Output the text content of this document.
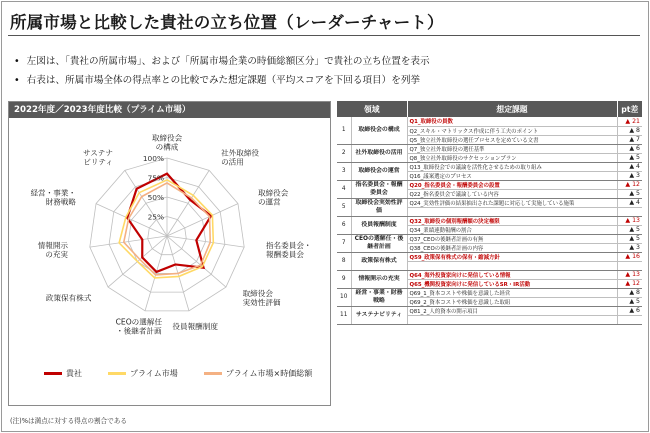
所属市場と比較した貴社の立ち位置（レーダーチャート）
• 左図は、「貴社の所属市場」、および「所属市場企業の時価総額区分」で貴社の立ち位置を表示
• 右表は、所属市場全体の得点率との比較でみた想定課題（平均スコアを下回る項目）を列挙
2022年度／2023年度比較（プライム市場）
25%
50%
75%
100%
取締役会の構成
社外取締役の活用
取締役会の運営
指名委員会・報酬委員会
取締役会実効性評価
役員報酬制度
CEOの選解任・後継者計画
政策保有株式
情報開示の充実
経営・事業・財務戦略
サステナビリティ
貴社	プライム市場	プライム市場×時価総額
(注)%は満点に対する得点の割合である
領域		想定課題	pt差
1	取締役会の構成	Q1_取締役の員数	▲ 21
		Q2_スキル・マトリックス作成に伴う工夫のポイント	▲ 8
		Q5_独立社外取締役の選任プロセスを定めている文書	▲ 7
2	社外取締役の活用	Q7_独立社外取締役の選任基準	▲ 6
		Q8_独立社外取締役のサクセッションプラン	▲ 5
3	取締役会の運営	Q13_取締役会での議論を活性化させるための取り組み	▲ 4
		Q16_議案選定のプロセス	▲ 3
4	指名委員会・報酬委員会	Q20_指名委員会・報酬委員会の設置	▲ 12
		Q22_指名委員会で議論している内容	▲ 5
5	取締役会実効性評価	Q24_実効性評価の結果抽出された課題に対応して実施している施策	▲ 4

6	役員報酬制度	Q32_取締役の個別報酬額の決定権限	▲ 13
		Q34_業績連動報酬の割合	▲ 5
7	CEOの選解任・後継者計画	Q37_CEOの後継者計画の有無	▲ 5
		Q38_CEOの後継者計画の内容	▲ 3
8	政策保有株式	Q59_政策保有株式の保有・縮減方針	▲ 16

9	情報開示の充実	Q64_海外投資家向けに発信している情報	▲ 13
		Q65_機関投資家向けに発信しているSR・IR活動	▲ 12
10	経営・事業・財務戦略	Q69_1_資本コストや株価を意識した経営	▲ 8
		Q69_2_資本コストや株価を意識した取組	▲ 5
11	サステナビリティ	Q81_2_人的資本の開示項目	▲ 6
